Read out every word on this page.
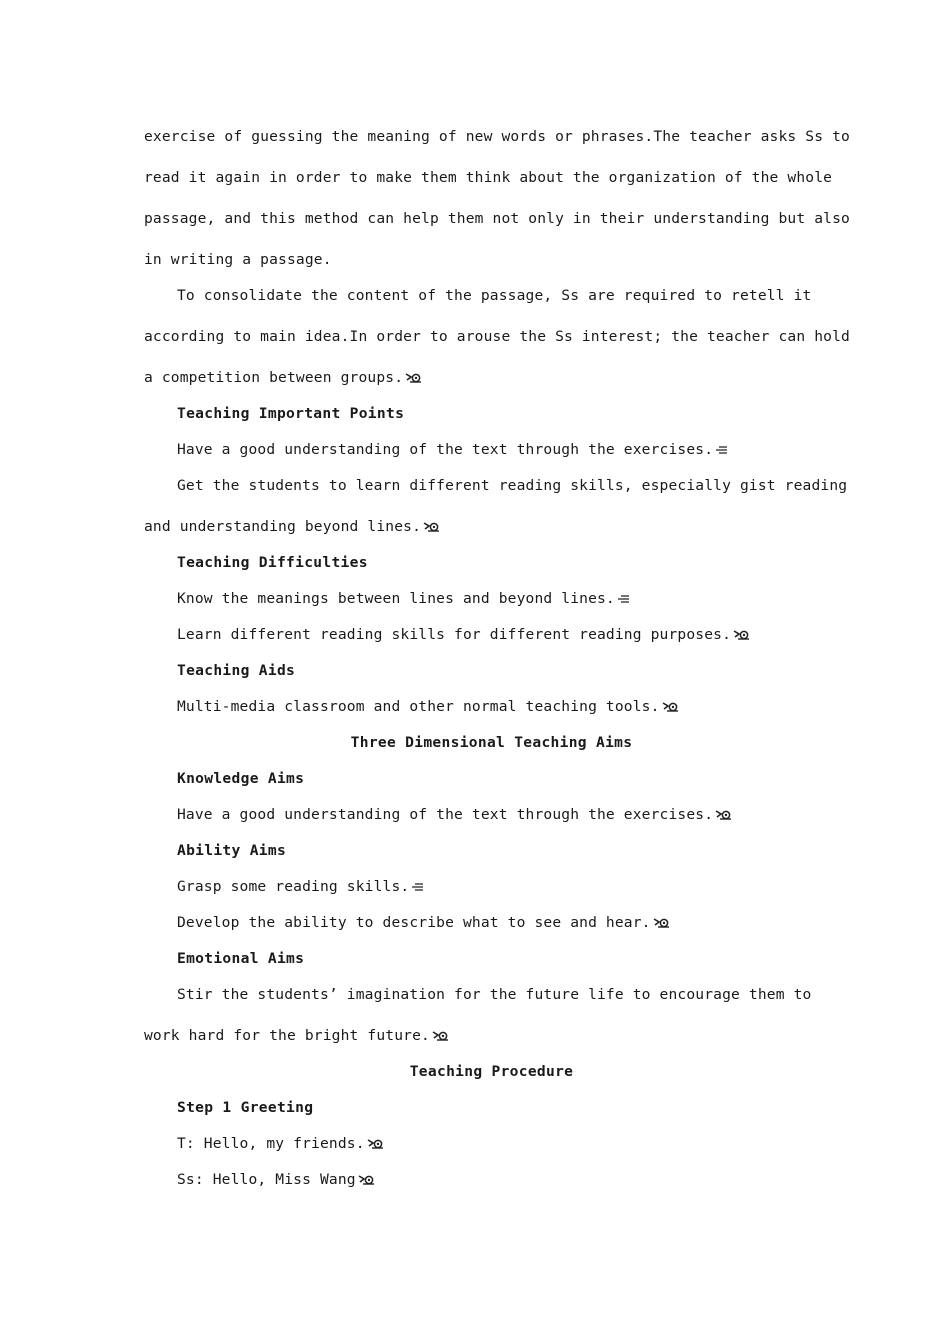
exercise of guessing the meaning of new words or phrases.The teacher asks Ss to
read it again in order to make them think about the organization of the whole
passage, and this method can help them not only in their understanding but also
in writing a passage.
To consolidate the content of the passage, Ss are required to retell it
according to main idea.In order to arouse the Ss interest; the teacher can hold
a competition between groups.
Teaching Important Points
Have a good understanding of the text through the exercises.
Get the students to learn different reading skills, especially gist reading
and understanding beyond lines.
Teaching Difficulties
Know the meanings between lines and beyond lines.
Learn different reading skills for different reading purposes.
Teaching Aids
Multi-media classroom and other normal teaching tools.
Three Dimensional Teaching Aims
Knowledge Aims
Have a good understanding of the text through the exercises.
Ability Aims
Grasp some reading skills.
Develop the ability to describe what to see and hear.
Emotional Aims
Stir the students’ imagination for the future life to encourage them to
work hard for the bright future.
Teaching Procedure
Step 1 Greeting
T: Hello, my friends.
Ss: Hello, Miss Wang
